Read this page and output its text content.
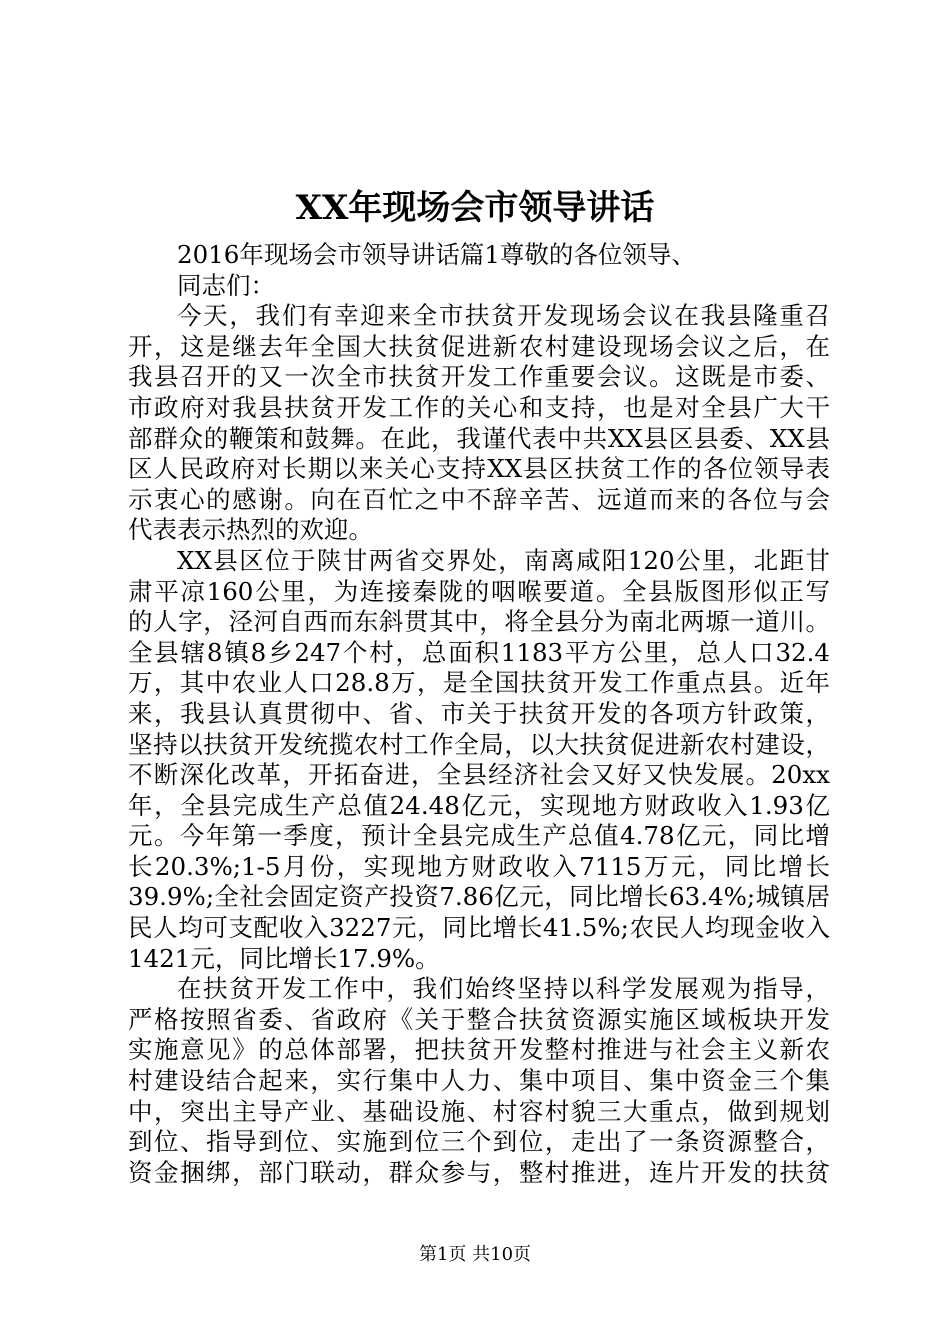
XX年现场会市领导讲话
2016年现场会市领导讲话篇1尊敬的各位领导、
同志们：
今天，我们有幸迎来全市扶贫开发现场会议在我县隆重召
开，这是继去年全国大扶贫促进新农村建设现场会议之后，在
我县召开的又一次全市扶贫开发工作重要会议。这既是市委、
市政府对我县扶贫开发工作的关心和支持，也是对全县广大干
部群众的鞭策和鼓舞。在此，我谨代表中共XX县区县委、XX县
区人民政府对长期以来关心支持XX县区扶贫工作的各位领导表
示衷心的感谢。向在百忙之中不辞辛苦、远道而来的各位与会
代表表示热烈的欢迎。
XX县区位于陕甘两省交界处，南离咸阳120公里，北距甘
肃平凉160公里，为连接秦陇的咽喉要道。全县版图形似正写
的人字，泾河自西而东斜贯其中，将全县分为南北两塬一道川。
全县辖8镇8乡247个村，总面积1183平方公里，总人口32.4
万，其中农业人口28.8万，是全国扶贫开发工作重点县。近年
来，我县认真贯彻中、省、市关于扶贫开发的各项方针政策，
坚持以扶贫开发统揽农村工作全局，以大扶贫促进新农村建设，
不断深化改革，开拓奋进，全县经济社会又好又快发展。20xx
年，全县完成生产总值24.48亿元，实现地方财政收入1.93亿
元。今年第一季度，预计全县完成生产总值4.78亿元，同比增
长20.3%;1-5月份，实现地方财政收入7115万元，同比增长
39.9%;全社会固定资产投资7.86亿元，同比增长63.4%;城镇居
民人均可支配收入3227元，同比增长41.5%;农民人均现金收入
1421元，同比增长17.9%。
在扶贫开发工作中，我们始终坚持以科学发展观为指导，
严格按照省委、省政府《关于整合扶贫资源实施区域板块开发
实施意见》的总体部署，把扶贫开发整村推进与社会主义新农
村建设结合起来，实行集中人力、集中项目、集中资金三个集
中，突出主导产业、基础设施、村容村貌三大重点，做到规划
到位、指导到位、实施到位三个到位，走出了一条资源整合，
资金捆绑，部门联动，群众参与，整村推进，连片开发的扶贫
第1页 共10页
